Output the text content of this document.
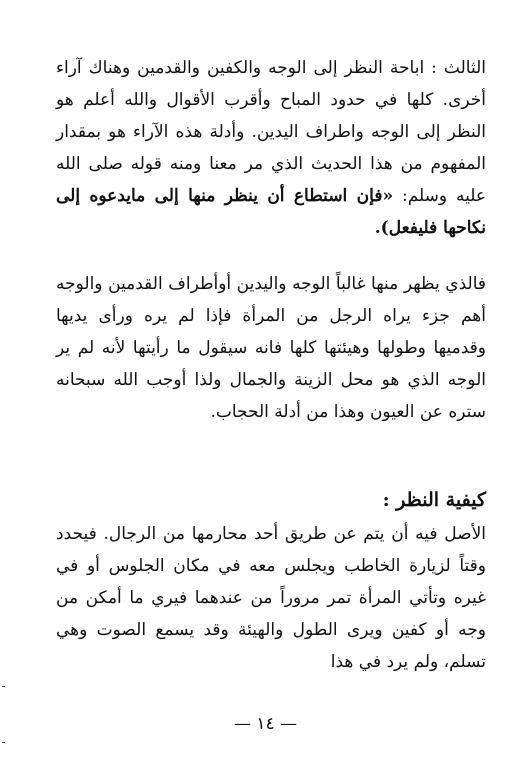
الثالث : اباحة النظر إلى الوجه والكفين والقدمين وهناك آراء أخرى. كلها في حدود المباح وأقرب الأقوال والله أعلم هو النظر إلى الوجه واطراف اليدين. وأدلة هذه الآراء هو بمقدار المفهوم من هذا الحديث الذي مر معنا ومنه قوله صلى الله عليه وسلم: «فإن استطاع أن ينظر منها إلى مايدعوه إلى نكاحها فليفعل).

فالذي يظهر منها غالباً الوجه واليدين أوأطراف القدمين والوجه أهم جزء يراه الرجل من المرأة فإذا لم يره ورأى يديها وقدميها وطولها وهيئتها كلها فانه سيقول ما رأيتها لأنه لم ير الوجه الذي هو محل الزينة والجمال ولذا أوجب الله سبحانه ستره عن العيون وهذا من أدلة الحجاب.

كيفية النظر :

الأصل فيه أن يتم عن طريق أحد محارمها من الرجال. فيحدد وقتاً لزيارة الخاطب ويجلس معه في مكان الجلوس أو في غيره وتأتي المرأة تمر مروراً من عندهما فيري ما أمكن من وجه أو كفين ويرى الطول والهيئة وقد يسمع الصوت وهي تسلم، ولم يرد في هذا

— ١٤ —
